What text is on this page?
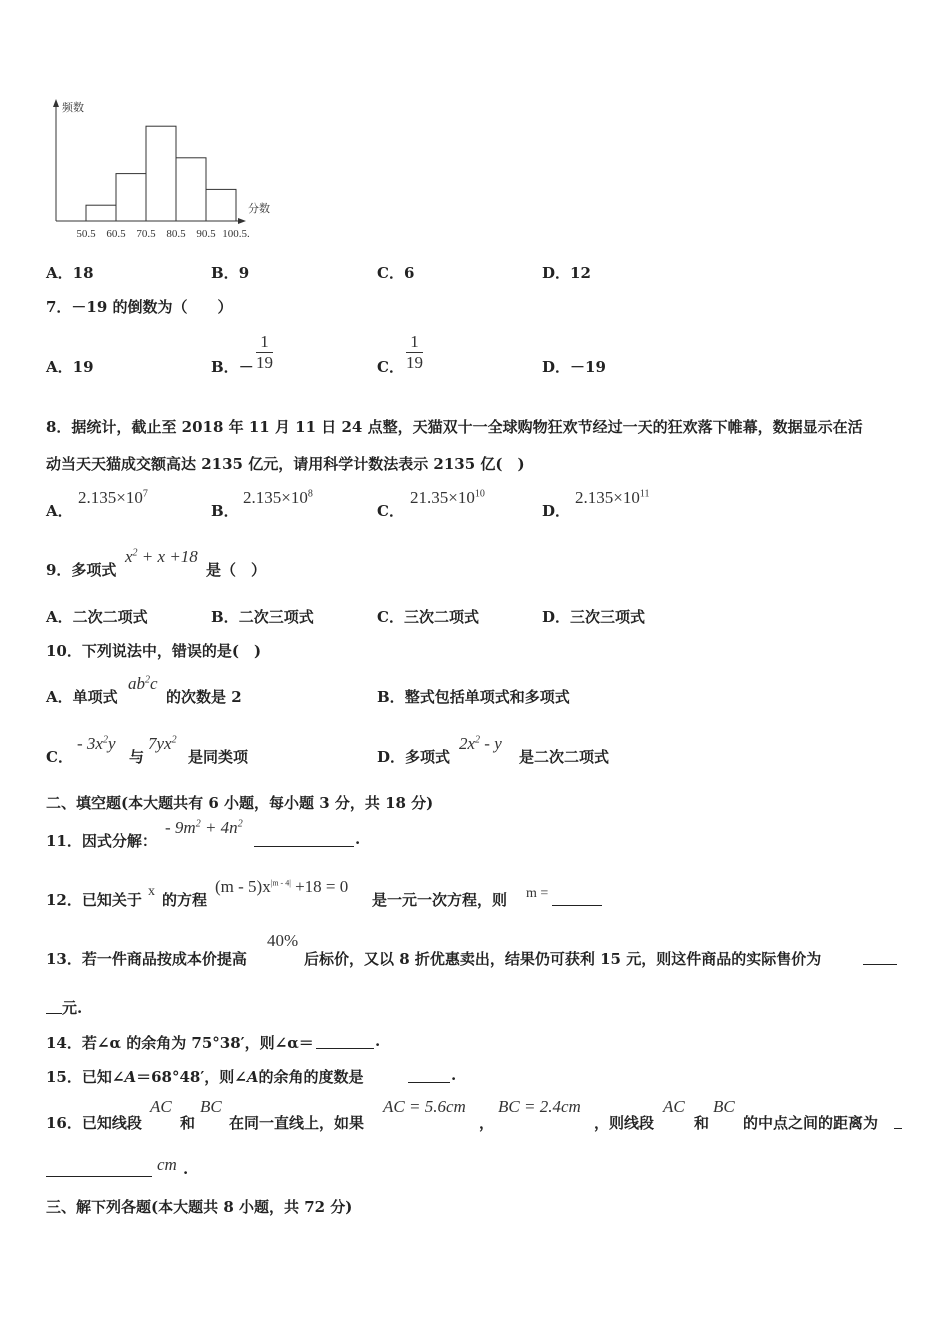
频数
分数
50.5 60.5 70.5 80.5 90.5 100.5.
A．18	B．9	C．6	D．12
7．－19 的倒数为（　　）
A．19	B．－ $\frac{1}{19}$	C． $\frac{1}{19}$	D．－19
8．据统计，截止至 2018 年 11 月 11 日 24 点整，天猫双十一全球购物狂欢节经过一天的狂欢落下帷幕，数据显示在活
动当天天猫成交额高达 2135 亿元，请用科学计数法表示 2135 亿(　)
A．
$2.135\times 10^7$
B．
$2.135\times 10^8$
C．
$21.35\times 10^{10}$
D．
$2.135\times 10^{11}$
9．多项式
$x^2 + x +18$
是（　）
A．二次二项式	B．二次三项式	C．三次二项式	D．三次三项式
10．下列说法中，错误的是(　)
A．单项式
$ab^2c$
的次数是 2	B．整式包括单项式和多项式
C．
- $3x^2y$
与
$7yx^2$
是同类项	D．多项式
$2x^2$ - y
是二次二项式
二、填空题(本大题共有 6 小题，每小题 3 分，共 18 分)
11．因式分解：
- $9m^2 + 4n^2$
.
12．已知关于 x 的方程
$(m - 5)x^{|m - 4|} +18 = 0$
是一元一次方程，则 m =
13．若一件商品按成本价提高
40%
后标价，又以 8 折优惠卖出，结果仍可获利 15 元，则这件商品的实际售价为
元.
14．若∠α 的余角为 75°38′，则∠α＝	.
15．已知∠A＝68°48′，则∠A的余角的度数是	.
16．已知线段
AC
和
BC
在同一直线上，如果
AC = 5.6cm
，
BC = 2.4cm
，则线段
AC
和
BC
的中点之间的距离为
cm .
三、解下列各题(本大题共 8 小题，共 72 分)
